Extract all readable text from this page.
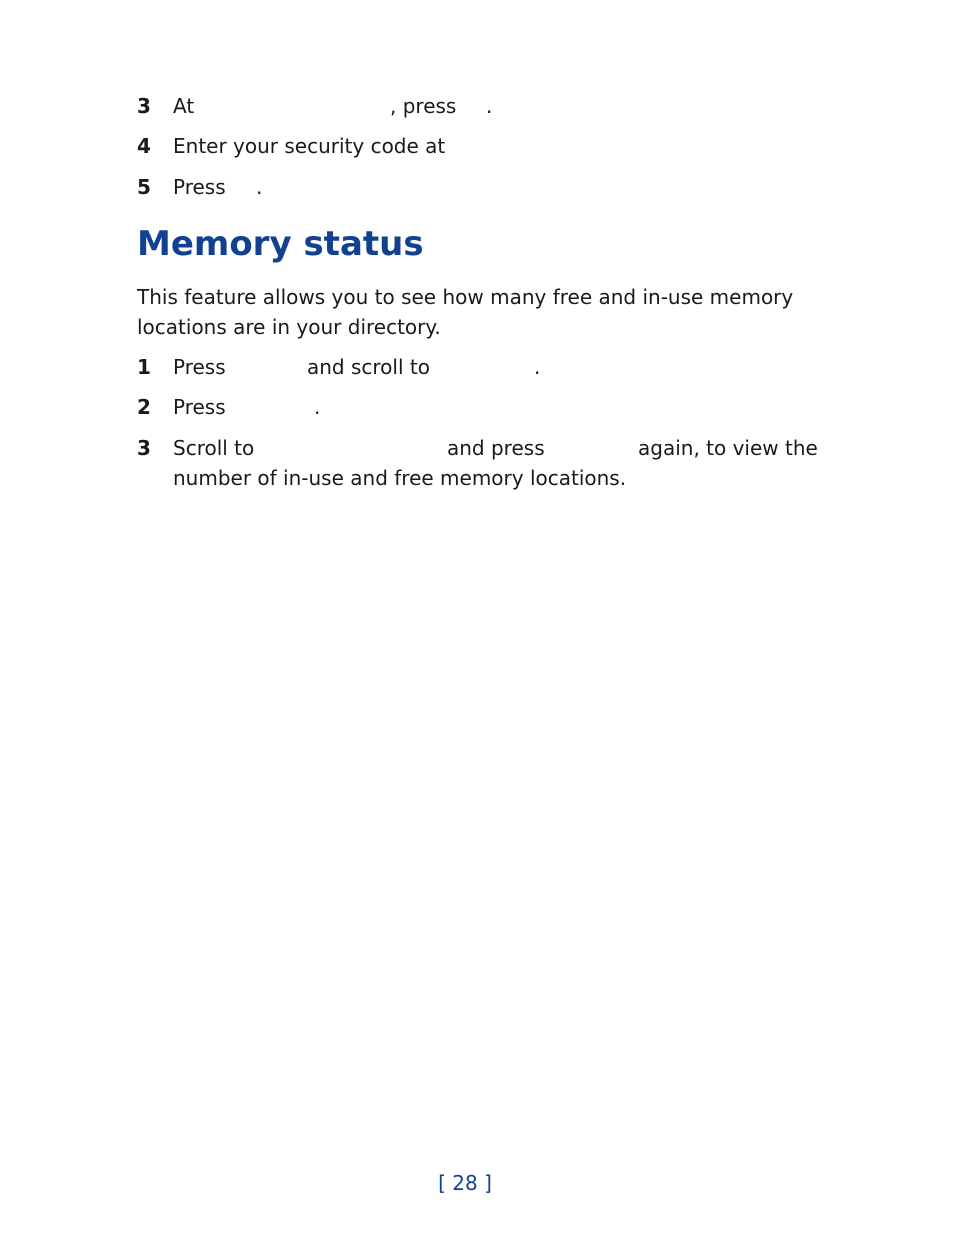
3 At	, press .
4 Enter your security code at
5 Press .
Memory status
This feature allows you to see how many free and in-use memory
locations are in your directory.
1 Press	and scroll to	.
2 Press	.
3 Scroll to	and press	again, to view the
number of in-use and free memory locations.
[ 28 ]
